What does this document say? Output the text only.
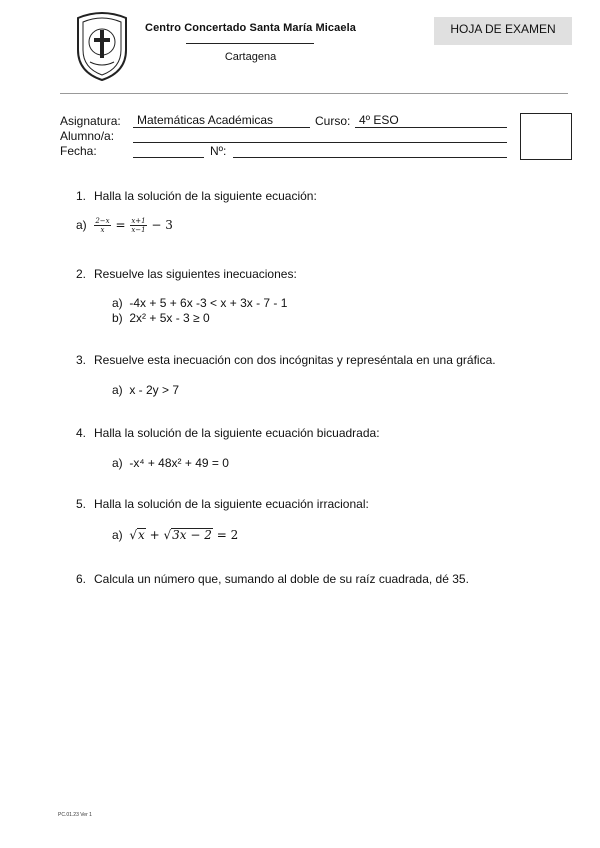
Centro Concertado Santa María Micaela
Cartagena
HOJA DE EXAMEN
Asignatura:	Matemáticas Académicas	Curso: 4º ESO
Alumno/a:
Fecha:	Nº:
1. Halla la solución de la siguiente ecuación:
$a) \frac{2-x}{x} = \frac{x+1}{x-1} - 3$
2. Resuelve las siguientes inecuaciones:
a) -4x + 5 + 6x -3 < x + 3x - 7 - 1
b) 2x² + 5x - 3 ≥ 0
3. Resuelve esta inecuación con dos incógnitas y represéntala en una gráfica.
a) x - 2y > 7
4. Halla la solución de la siguiente ecuación bicuadrada:
a) -x⁴ + 48x² + 49 = 0
5. Halla la solución de la siguiente ecuación irracional:
a)  √x + √3x − 2 = 2
6. Calcula un número que, sumando al doble de su raíz cuadrada, dé 35.
PC.01.23 Ver 1
